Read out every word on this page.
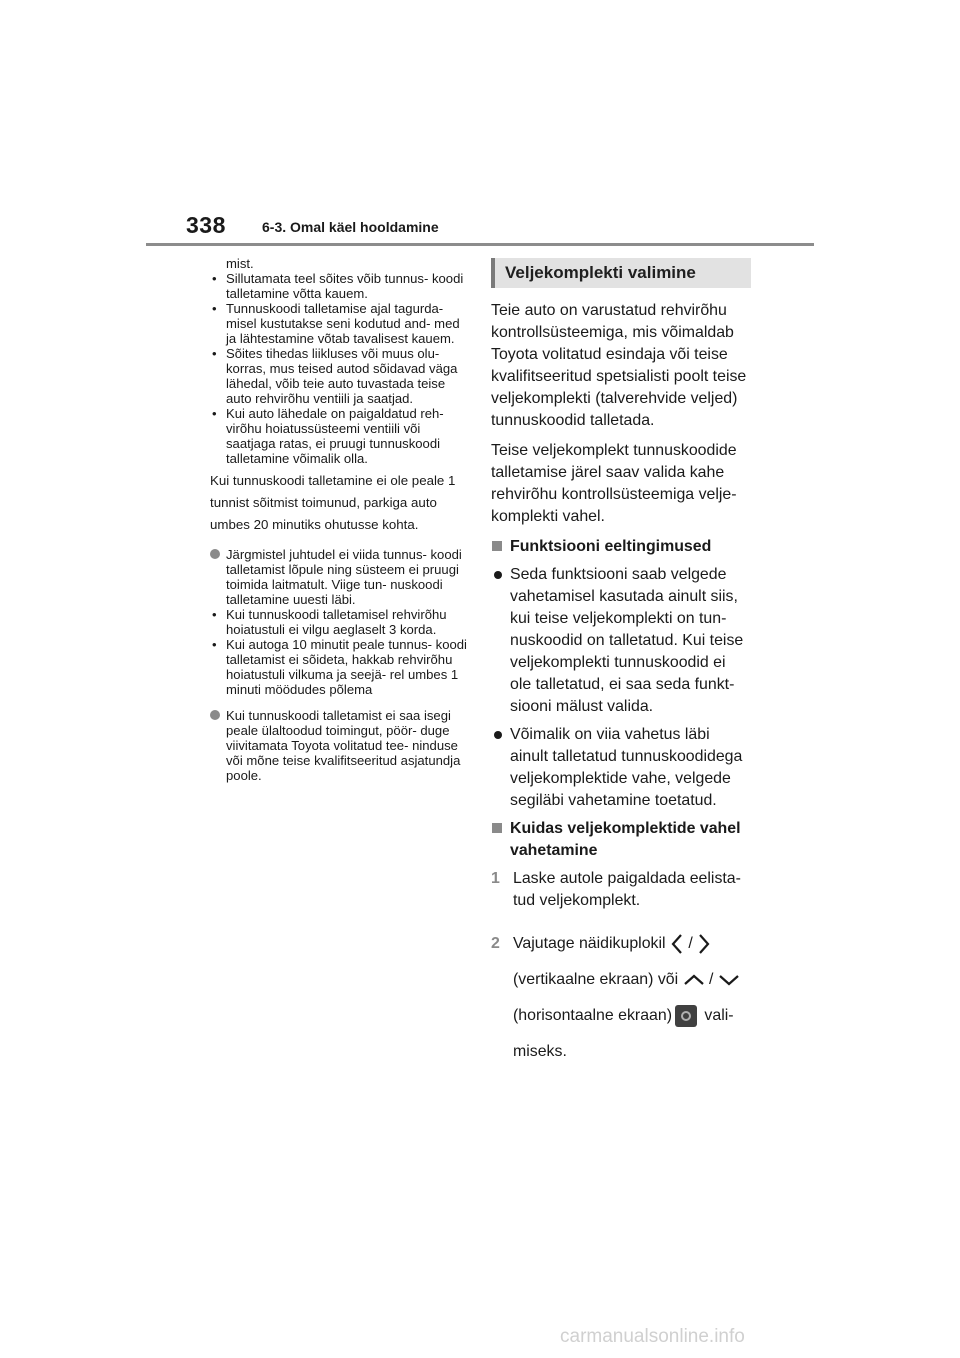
338	6-3. Omal käel hooldamine

mist.

• Sillutamata teel sõites võib tunnus- koodi talletamine võtta kauem.

• Tunnuskoodi talletamise ajal tagurda- misel kustutakse seni kodutud and- med ja lähtestamine võtab tavalisest kauem.

• Sõites tihedas liikluses või muus olu- korras, mus teised autod sõidavad väga lähedal, võib teie auto tuvastada teise auto rehvirõhu ventiili ja saatjad.

• Kui auto lähedale on paigaldatud reh- virõhu hoiatussüsteemi ventiili või saatjaga ratas, ei pruugi tunnuskoodi talletamine võimalik olla.

Kui tunnuskoodi talletamine ei ole peale 1 tunnist sõitmist toimunud, parkiga auto umbes 20 minutiks ohutusse kohta.

Järgmistel juhtudel ei viida tunnus- koodi talletamist lõpule ning süsteem ei pruugi toimida laitmatult. Viige tun- nuskoodi talletamine uuesti läbi.

• Kui tunnuskoodi talletamisel rehvirõhu hoiatustuli ei vilgu aeglaselt 3 korda.

• Kui autoga 10 minutit peale tunnus- koodi talletamist ei sõideta, hakkab rehvirõhu hoiatustuli vilkuma ja seejä- rel umbes 1 minuti möödudes põlema

Kui tunnuskoodi talletamist ei saa isegi peale ülaltoodud toimingut, pöör- duge viivitamata Toyota volitatud tee- ninduse või mõne teise kvalifitseeritud asjatundja poole.

Veljekomplekti valimine

Teie auto on varustatud rehvirõhu kontrollsüsteemiga, mis võimaldab Toyota volitatud esindaja või teise kvalifitseeritud spetsialisti poolt teise veljekomplekti (talverehvide veljed) tunnuskoodid talletada.

Teise veljekomplekt tunnuskoodide talletamise järel saav valida kahe rehvirõhu kontrollsüsteemiga velje- komplekti vahel.

Funktsiooni eeltingimused

Seda funktsiooni saab velgede vahetamisel kasutada ainult siis, kui teise veljekomplekti on tun- nuskoodid on talletatud. Kui teise veljekomplekti tunnuskoodid ei ole talletatud, ei saa seda funkt- siooni mälust valida.

Võimalik on viia vahetus läbi ainult talletatud tunnuskoodidega veljekomplektide vahe, velgede segiläbi vahetamine toetatud.

Kuidas veljekomplektide vahel vahetamine

1 Laske autole paigaldada eelista- tud veljekomplekt.

2 Vajutage näidikuplokil /
(vertikaalne ekraan) või /
(horisontaalne ekraan) vali- miseks.

carmanualsonline.info
